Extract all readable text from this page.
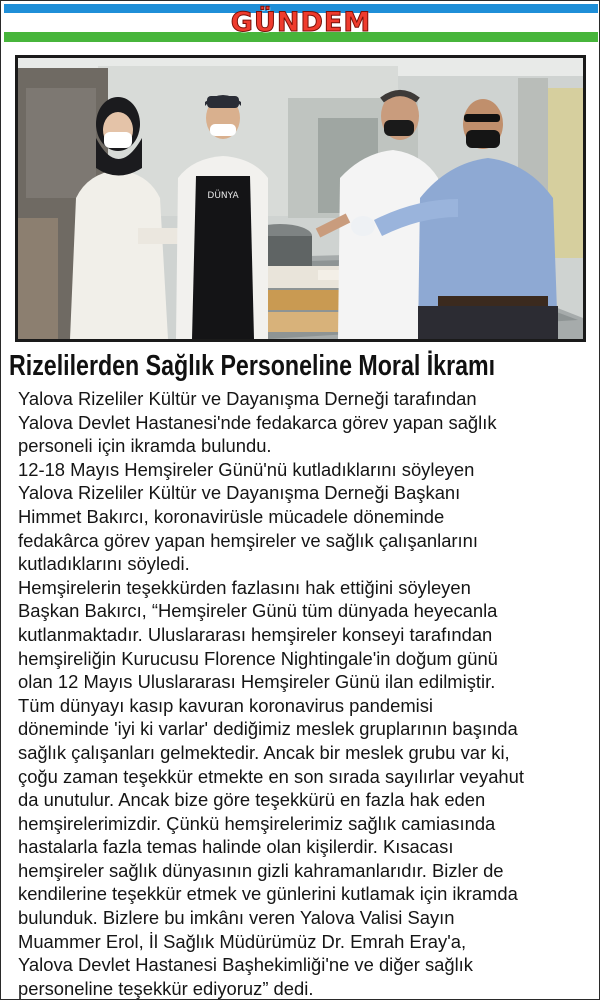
GÜNDEM
DÜNYA
Rizelilerden Sağlık Personeline Moral İkramı

Yalova Rizeliler Kültür ve Dayanışma Derneği tarafından

Yalova Devlet Hastanesi'nde fedakarca görev yapan sağlık

personeli için ikramda bulundu.

12-18 Mayıs Hemşireler Günü'nü kutladıklarını söyleyen

Yalova Rizeliler Kültür ve Dayanışma Derneği Başkanı

Himmet Bakırcı, koronavirüsle mücadele döneminde

fedakârca görev yapan hemşireler ve sağlık çalışanlarını

kutladıklarını söyledi.

Hemşirelerin teşekkürden fazlasını hak ettiğini söyleyen

Başkan Bakırcı, “Hemşireler Günü tüm dünyada heyecanla

kutlanmaktadır. Uluslararası hemşireler konseyi tarafından

hemşireliğin Kurucusu Florence Nightingale'in doğum günü

olan 12 Mayıs Uluslararası Hemşireler Günü ilan edilmiştir.

Tüm dünyayı kasıp kavuran koronavirus pandemisi

döneminde 'iyi ki varlar' dediğimiz meslek gruplarının başında

sağlık çalışanları gelmektedir. Ancak bir meslek grubu var ki,

çoğu zaman teşekkür etmekte en son sırada sayılırlar veyahut

da unutulur. Ancak bize göre teşekkürü en fazla hak eden

hemşirelerimizdir. Çünkü hemşirelerimiz sağlık camiasında

hastalarla fazla temas halinde olan kişilerdir. Kısacası

hemşireler sağlık dünyasının gizli kahramanlarıdır. Bizler de

kendilerine teşekkür etmek ve günlerini kutlamak için ikramda

bulunduk. Bizlere bu imkânı veren Yalova Valisi Sayın

Muammer Erol, İl Sağlık Müdürümüz Dr. Emrah Eray'a,

Yalova Devlet Hastanesi Başhekimliği'ne ve diğer sağlık

personeline teşekkür ediyoruz” dedi.
